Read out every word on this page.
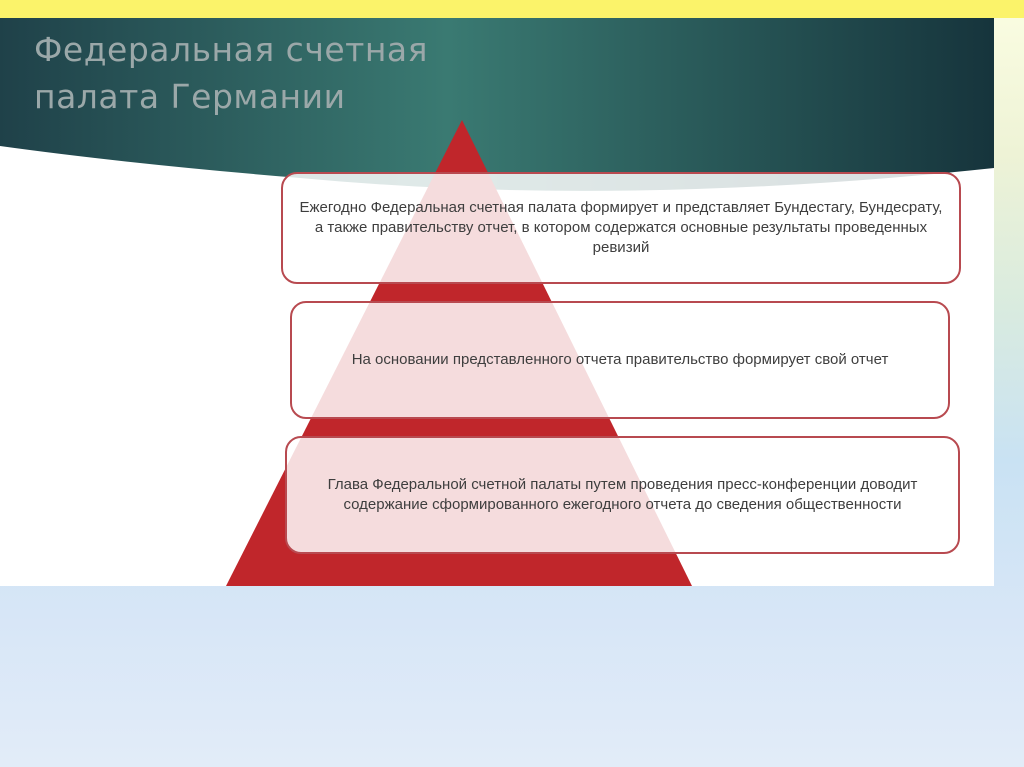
Федеральная счетная
палата Германии
Ежегодно Федеральная счетная палата формирует и представляет Бундестагу, Бундесрату, а также правительству отчет, в котором содержатся основные результаты проведенных ревизий
На основании представленного отчета правительство формирует свой отчет
Глава Федеральной счетной палаты путем проведения пресс-конференции доводит содержание сформированного ежегодного отчета до сведения общественности
